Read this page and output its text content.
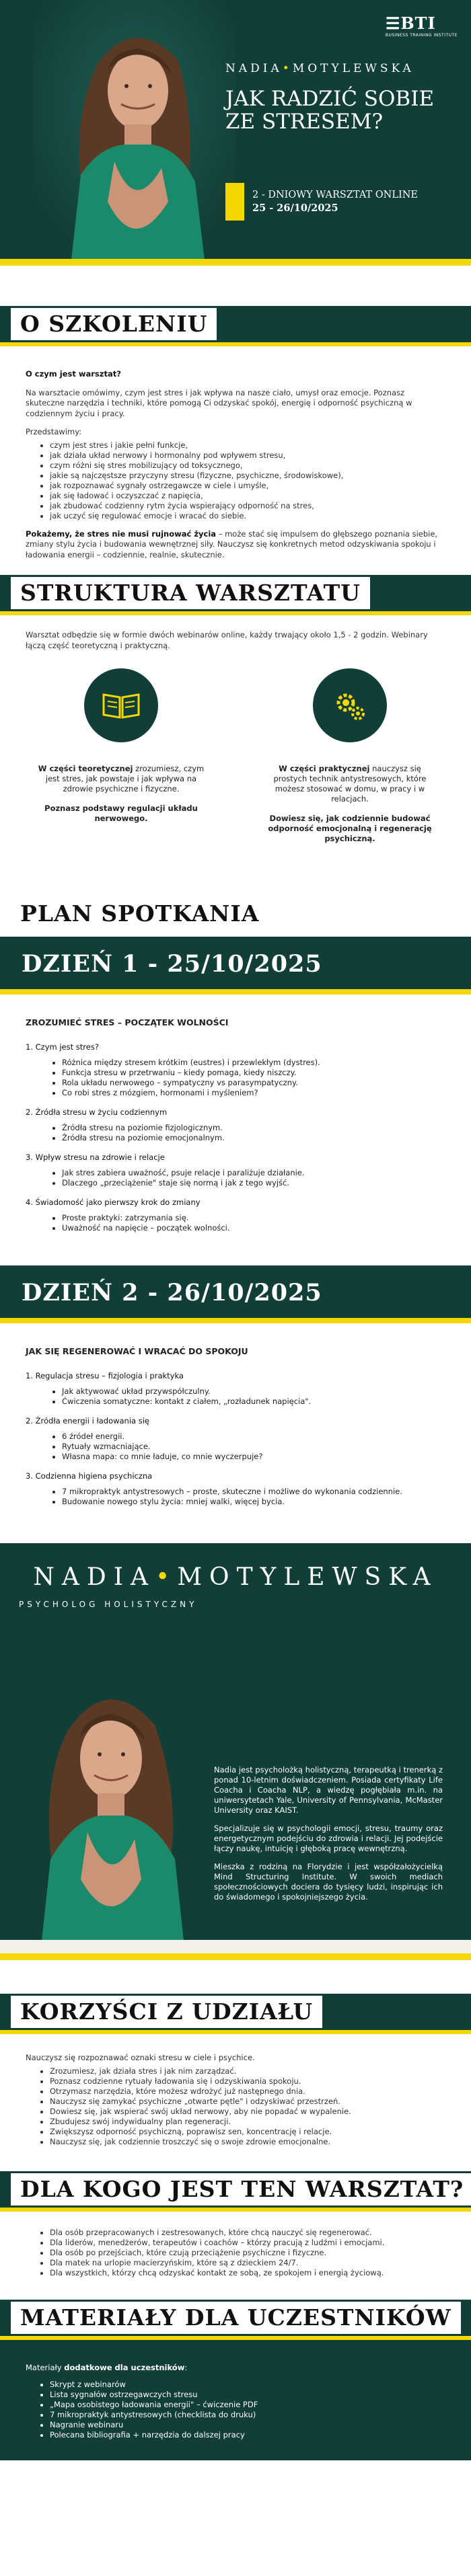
☰BTI
BUSINESS TRAINING INSTITUTE
NADIA•MOTYLEWSKA
JAK RADZIĆ SOBIE ZE STRESEM?
2 - DNIOWY WARSZTAT ONLINE
25 - 26/10/2025
O SZKOLENIU

O czym jest warsztat?

Na warsztacie omówimy, czym jest stres i jak wpływa na nasze ciało, umysł oraz emocje. Poznasz skuteczne narzędzia i techniki, które pomogą Ci odzyskać spokój, energię i odporność psychiczną w codziennym życiu i pracy.

Przedstawimy:

• czym jest stres i jakie pełni funkcje,
• jak działa układ nerwowy i hormonalny pod wpływem stresu,
• czym różni się stres mobilizujący od toksycznego,
• jakie są najczęstsze przyczyny stresu (fizyczne, psychiczne, środowiskowe),
• jak rozpoznawać sygnały ostrzegawcze w ciele i umyśle,
• jak się ładować i oczyszczać z napięcia,
• jak zbudować codzienny rytm życia wspierający odporność na stres,
• jak uczyć się regulować emocje i wracać do siebie.

Pokażemy, że stres nie musi rujnować życia – może stać się impulsem do głębszego poznania siebie, zmiany stylu życia i budowania wewnętrznej siły. Nauczysz się konkretnych metod odzyskiwania spokoju i ładowania energii – codziennie, realnie, skutecznie.

STRUKTURA WARSZTATU

Warsztat odbędzie się w formie dwóch webinarów online, każdy trwający około 1,5 - 2 godzin. Webinary łączą część teoretyczną i praktyczną.

W części teoretycznej zrozumiesz, czym jest stres, jak powstaje i jak wpływa na zdrowie psychiczne i fizyczne.

Poznasz podstawy regulacji układu nerwowego.

W części praktycznej nauczysz się prostych technik antystresowych, które możesz stosować w domu, w pracy i w relacjach.

Dowiesz się, jak codziennie budować odporność emocjonalną i regenerację psychiczną.

PLAN SPOTKANIA
DZIEŃ 1 - 25/10/2025
ZROZUMIEĆ STRES – POCZĄTEK WOLNOŚCI
1. Czym jest stres?
• Różnica między stresem krótkim (eustres) i przewlekłym (dystres).
• Funkcja stresu w przetrwaniu – kiedy pomaga, kiedy niszczy.
• Rola układu nerwowego – sympatyczny vs parasympatyczny.
• Co robi stres z mózgiem, hormonami i myśleniem?
2. Źródła stresu w życiu codziennym
• Źródła stresu na poziomie fizjologicznym.
• Źródła stresu na poziomie emocjonalnym.
3. Wpływ stresu na zdrowie i relacje
• Jak stres zabiera uważność, psuje relacje i paraliżuje działanie.
• Dlaczego „przeciążenie" staje się normą i jak z tego wyjść.
4. Świadomość jako pierwszy krok do zmiany
• Proste praktyki: zatrzymania się.
• Uważność na napięcie – początek wolności.
DZIEŃ 2 - 26/10/2025
JAK SIĘ REGENEROWAĆ I WRACAĆ DO SPOKOJU
1. Regulacja stresu – fizjologia i praktyka
• Jak aktywować układ przywspółczulny.
• Ćwiczenia somatyczne: kontakt z ciałem, „rozładunek napięcia".
2. Źródła energii i ładowania się
• 6 źródeł energii.
• Rytuały wzmacniające.
• Własna mapa: co mnie ładuje, co mnie wyczerpuje?
3. Codzienna higiena psychiczna
• 7 mikropraktyk antystresowych – proste, skuteczne i możliwe do wykonania codziennie.
• Budowanie nowego stylu życia: mniej walki, więcej bycia.
NADIA•MOTYLEWSKA
PSYCHOLOG HOLISTYCZNY

Nadia jest psycholożką holistyczną, terapeutką i trenerką z ponad 10-letnim doświadczeniem. Posiada certyfikaty Life Coacha i Coacha NLP, a wiedzę pogłębiała m.in. na uniwersytetach Yale, University of Pennsylvania, McMaster University oraz KAIST.

Specjalizuje się w psychologii emocji, stresu, traumy oraz energetycznym podejściu do zdrowia i relacji. Jej podejście łączy naukę, intuicję i głęboką pracę wewnętrzną.

Mieszka z rodziną na Florydzie i jest współzałożycielką Mind Structuring Institute. W swoich mediach społecznościowych dociera do tysięcy ludzi, inspirując ich do świadomego i spokojniejszego życia.

KORZYŚCI Z UDZIAŁU

Nauczysz się rozpoznawać oznaki stresu w ciele i psychice.

• Zrozumiesz, jak działa stres i jak nim zarządzać.
• Poznasz codzienne rytuały ładowania się i odzyskiwania spokoju.
• Otrzymasz narzędzia, które możesz wdrożyć już następnego dnia.
• Nauczysz się zamykać psychiczne „otwarte pętle" i odzyskiwać przestrzeń.
• Dowiesz się, jak wspierać swój układ nerwowy, aby nie popadać w wypalenie.
• Zbudujesz swój indywidualny plan regeneracji.
• Zwiększysz odporność psychiczną, poprawisz sen, koncentrację i relacje.
• Nauczysz się, jak codziennie troszczyć się o swoje zdrowie emocjonalne.
DLA KOGO JEST TEN WARSZTAT?
• Dla osób przepracowanych i zestresowanych, które chcą nauczyć się regenerować.
• Dla liderów, menedżerów, terapeutów i coachów – którzy pracują z ludźmi i emocjami.
• Dla osób po przejściach, które czują przeciążenie psychiczne i fizyczne.
• Dla matek na urlopie macierzyńskim, które są z dzieckiem 24/7.
• Dla wszystkich, którzy chcą odzyskać kontakt ze sobą, ze spokojem i energią życiową.
MATERIAŁY DLA UCZESTNIKÓW

Materiały dodatkowe dla uczestników:

• Skrypt z webinarów
• Lista sygnałów ostrzegawczych stresu
• „Mapa osobistego ładowania energii" – ćwiczenie PDF
• 7 mikropraktyk antystresowych (checklista do druku)
• Nagranie webinaru
• Polecana bibliografia + narzędzia do dalszej pracy
